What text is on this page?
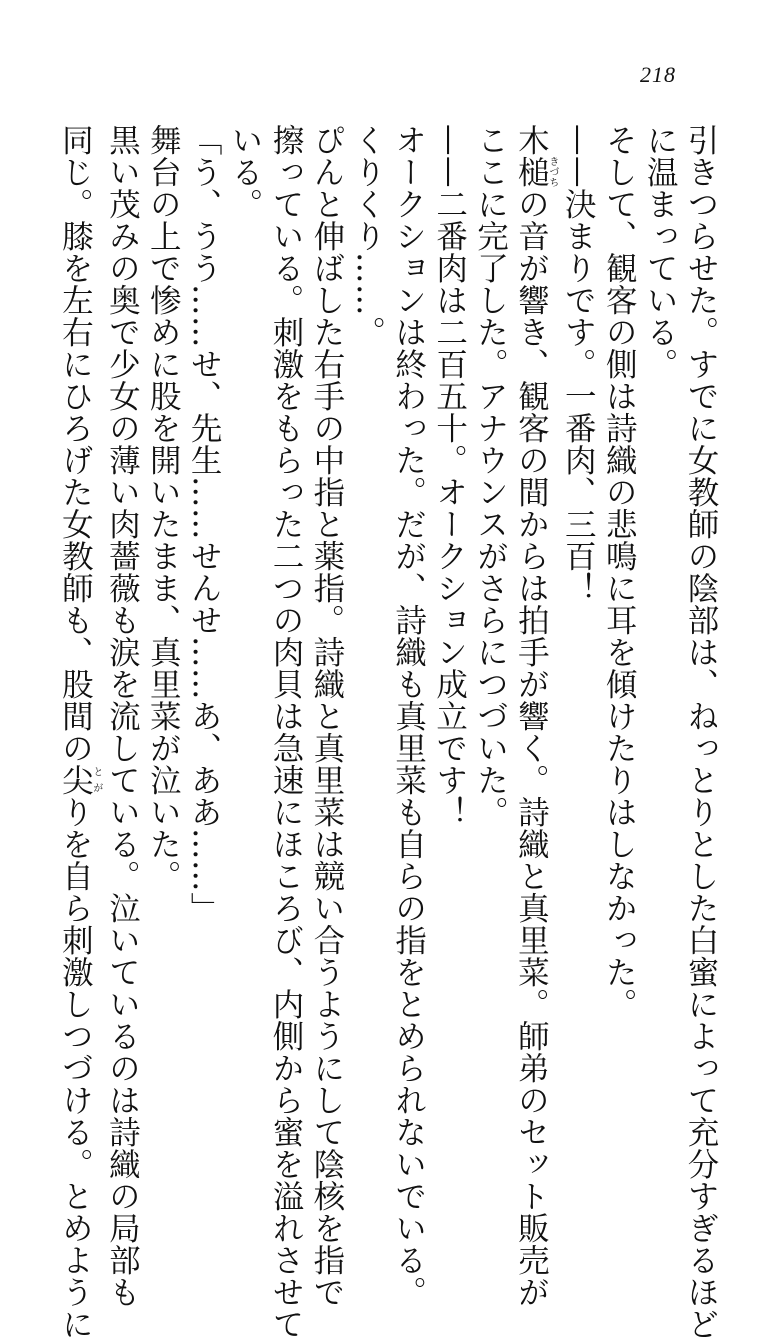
218
引きつらせた。すでに女教師の陰部は、ねっとりとした白蜜によって充分すぎるほど
に温まっている。
そして、観客の側は詩織の悲鳴に耳を傾けたりはしなかった。
——決まりです。一番肉、三百！
木槌きづちの音が響き、観客の間からは拍手が響く。詩織と真里菜。師弟のセット販売が
ここに完了した。アナウンスがさらにつづいた。
——二番肉は二百五十。オークション成立です！
オークションは終わった。だが、詩織も真里菜も自らの指をとめられないでいる。
くりくり……。
ぴんと伸ばした右手の中指と薬指。詩織と真里菜は競い合うようにして陰核を指で
擦っている。刺激をもらった二つの肉貝は急速にほころび、内側から蜜を溢れさせて
いる。
「う、うう……せ、先生……せんせ……あ、ああ……」
舞台の上で惨めに股を開いたまま、真里菜が泣いた。
黒い茂みの奥で少女の薄い肉薔薇も涙を流している。泣いているのは詩織の局部も
同じ。膝を左右にひろげた女教師も、股間の尖とがりを自ら刺激しつづける。とめように
